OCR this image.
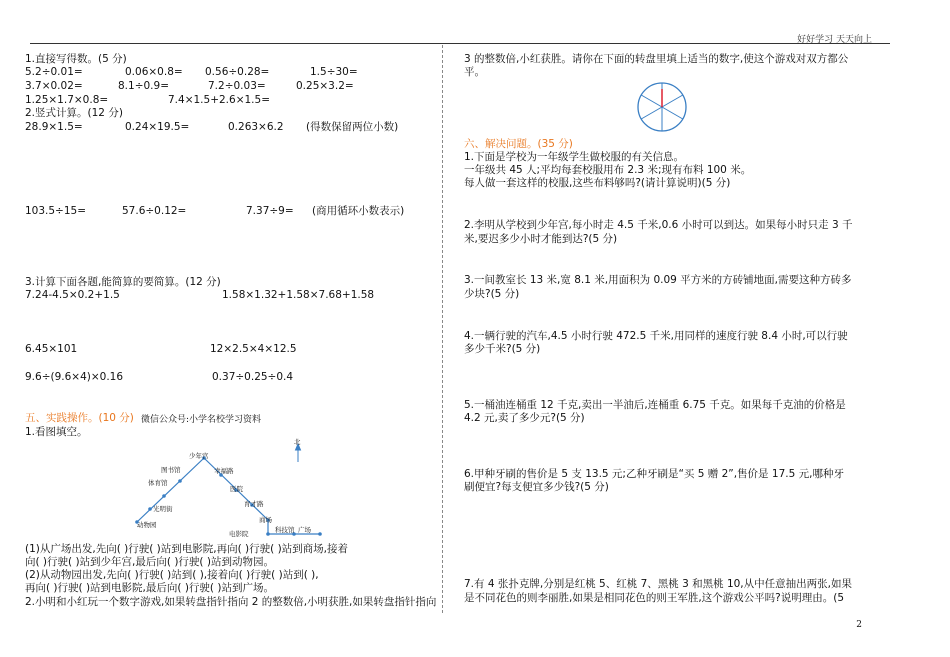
好好学习 天天向上
1.直接写得数。(5 分)
5.2÷0.01=	0.06×0.8= 0.56÷0.28=	1.5÷30=
3.7×0.02=	8.1÷0.9=	7.2÷0.03=	0.25×3.2=
1.25×1.7×0.8=	7.4×1.5+2.6×1.5=
2.竖式计算。(12 分)
28.9×1.5=	0.24×19.5=	0.263×6.2 (得数保留两位小数)
103.5÷15=	57.6÷0.12=	7.37÷9= (商用循环小数表示)
3.计算下面各题,能简算的要简算。(12 分)
7.24-4.5×0.2+1.5	1.58×1.32+1.58×7.68+1.58
6.45×101	12×2.5×4×12.5
9.6÷(9.6×4)×0.16	0.37÷0.25÷0.4
五、实践操作。(10 分) 微信公众号:小学名校学习资料
1.看图填空。
北
少年宫
图书馆	幸福路
体育馆
医院
光明街
育才路
动物园
商场
电影院	科技馆 广场
(1)从广场出发,先向( )行驶( )站到电影院,再向( )行驶( )站到商场,接着
向( )行驶( )站到少年宫,最后向( )行驶( )站到动物园。
(2)从动物园出发,先向( )行驶( )站到( ),接着向( )行驶( )站到( ),
再向( )行驶( )站到电影院,最后向( )行驶( )站到广场。
2.小明和小红玩一个数字游戏,如果转盘指针指向 2 的整数倍,小明获胜,如果转盘指针指向
3 的整数倍,小红获胜。请你在下面的转盘里填上适当的数字,使这个游戏对双方都公
平。
六、解决问题。(35 分)
1.下面是学校为一年级学生做校服的有关信息。
一年级共 45 人;平均每套校服用布 2.3 米;现有布料 100 米。
每人做一套这样的校服,这些布料够吗?(请计算说明)(5 分)
2.李明从学校到少年宫,每小时走 4.5 千米,0.6 小时可以到达。如果每小时只走 3 千
米,要迟多少小时才能到达?(5 分)
3.一间教室长 13 米,宽 8.1 米,用面积为 0.09 平方米的方砖铺地面,需要这种方砖多
少块?(5 分)
4.一辆行驶的汽车,4.5 小时行驶 472.5 千米,用同样的速度行驶 8.4 小时,可以行驶
多少千米?(5 分)
5.一桶油连桶重 12 千克,卖出一半油后,连桶重 6.75 千克。如果每千克油的价格是
4.2 元,卖了多少元?(5 分)
6.甲种牙刷的售价是 5 支 13.5 元;乙种牙刷是“买 5 赠 2”,售价是 17.5 元,哪种牙
刷便宜?每支便宜多少钱?(5 分)
7.有 4 张扑克牌,分别是红桃 5、红桃 7、黑桃 3 和黑桃 10,从中任意抽出两张,如果
是不同花色的则李丽胜,如果是相同花色的则王军胜,这个游戏公平吗?说明理由。(5
2
